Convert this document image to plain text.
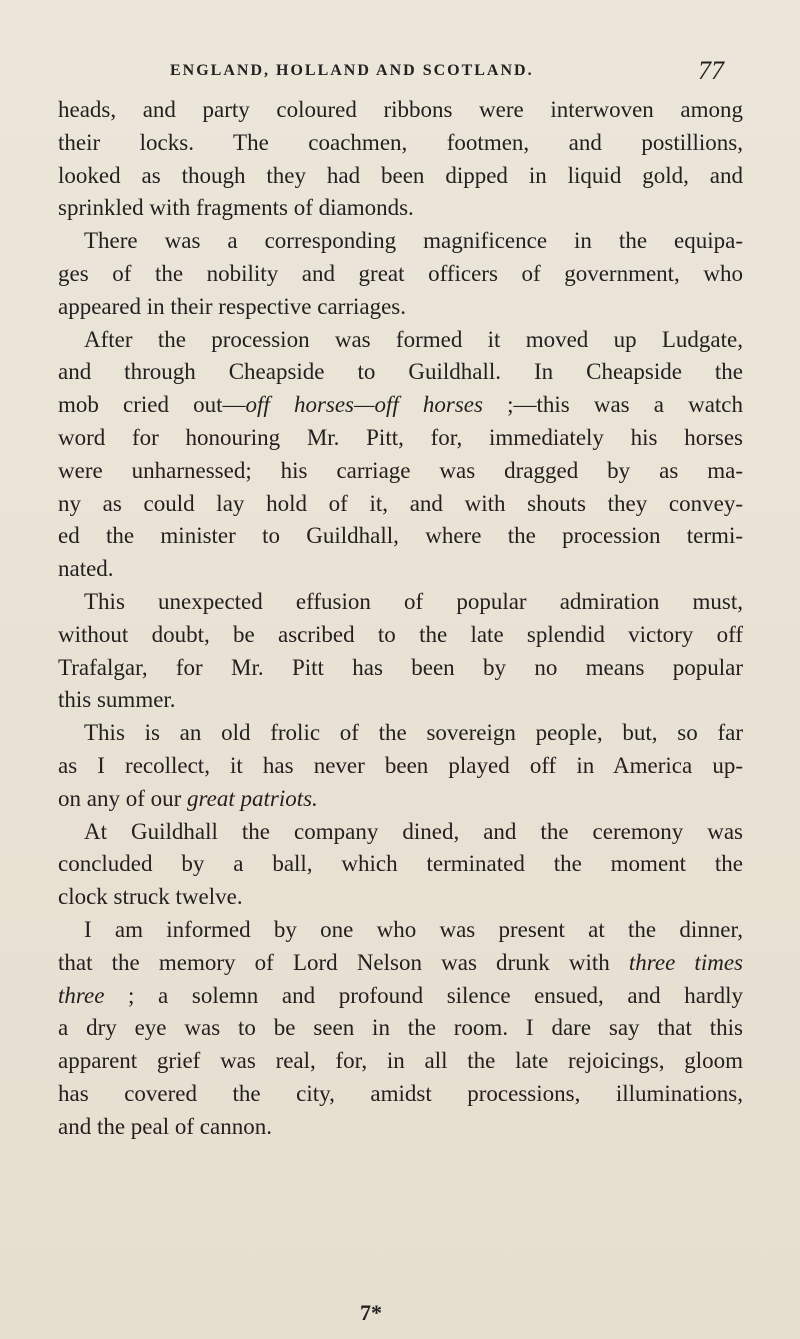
ENGLAND, HOLLAND AND SCOTLAND.	77
heads, and party coloured ribbons were interwoven among
their locks. The coachmen, footmen, and postillions,
looked as though they had been dipped in liquid gold, and
sprinkled with fragments of diamonds.
There was a corresponding magnificence in the equipa-
ges of the nobility and great officers of government, who
appeared in their respective carriages.
After the procession was formed it moved up Ludgate,
and through Cheapside to Guildhall. In Cheapside the
mob cried out—off horses—off horses ;—this was a watch
word for honouring Mr. Pitt, for, immediately his horses
were unharnessed; his carriage was dragged by as ma-
ny as could lay hold of it, and with shouts they convey-
ed the minister to Guildhall, where the procession termi-
nated.
This unexpected effusion of popular admiration must,
without doubt, be ascribed to the late splendid victory off
Trafalgar, for Mr. Pitt has been by no means popular
this summer.
This is an old frolic of the sovereign people, but, so far
as I recollect, it has never been played off in America up-
on any of our great patriots.
At Guildhall the company dined, and the ceremony was
concluded by a ball, which terminated the moment the
clock struck twelve.
I am informed by one who was present at the dinner,
that the memory of Lord Nelson was drunk with three times
three ; a solemn and profound silence ensued, and hardly
a dry eye was to be seen in the room. I dare say that this
apparent grief was real, for, in all the late rejoicings, gloom
has covered the city, amidst processions, illuminations,
and the peal of cannon.
7*
